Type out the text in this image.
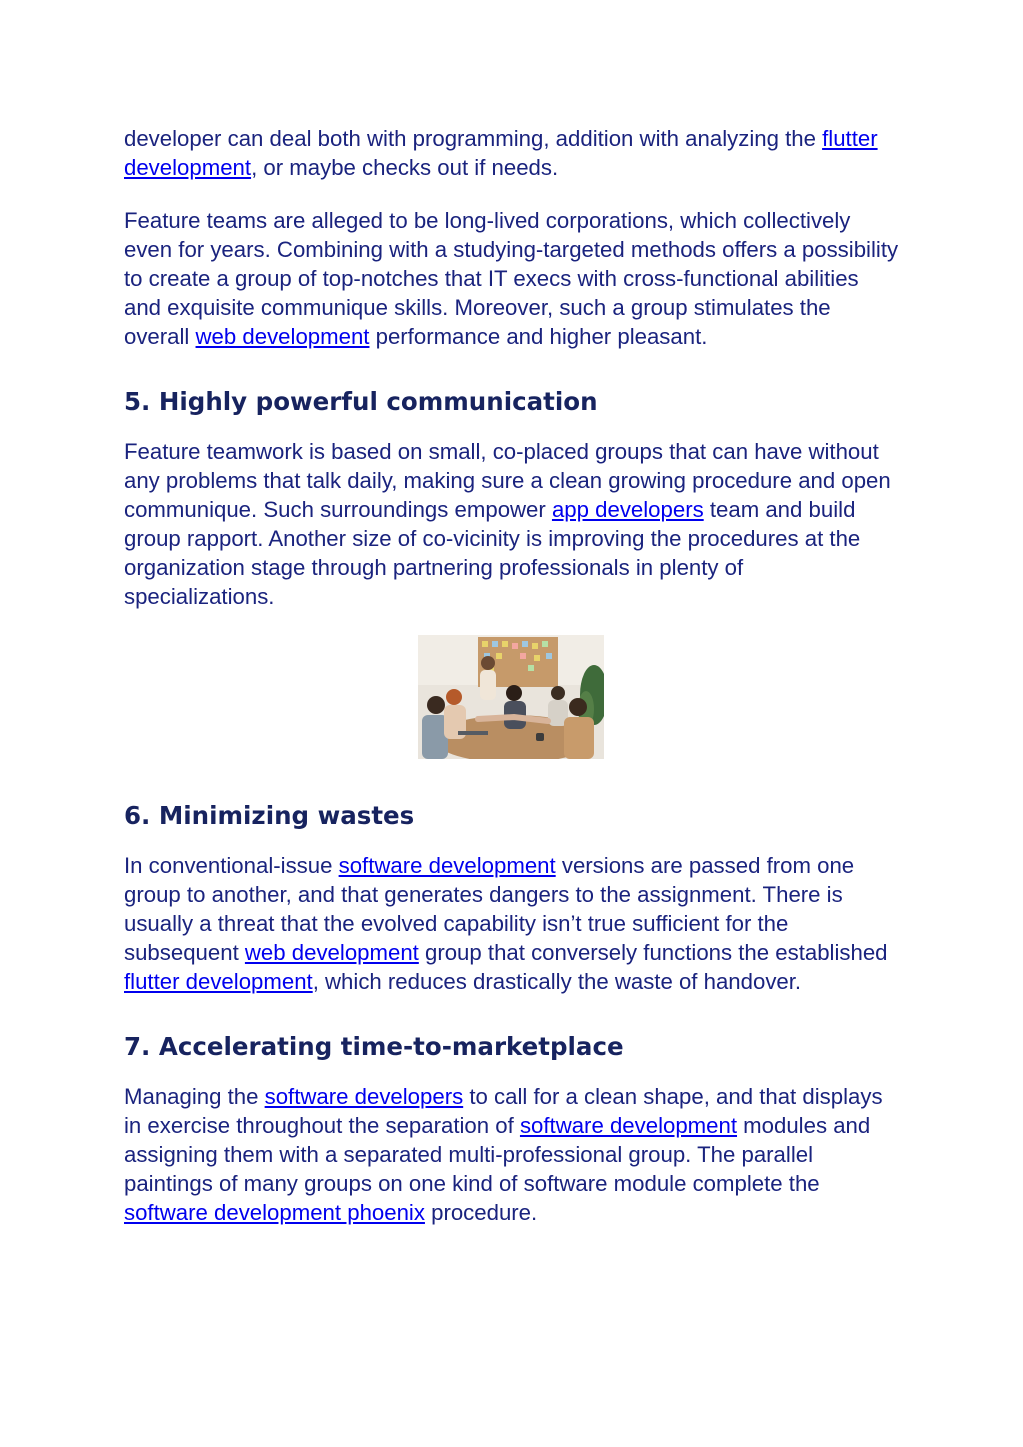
developer can deal both with programming, addition with analyzing the flutter development, or maybe checks out if needs.

Feature teams are alleged to be long-lived corporations, which collectively even for years. Combining with a studying-targeted methods offers a possibility to create a group of top-notches that IT execs with cross-functional abilities and exquisite communique skills. Moreover, such a group stimulates the overall web development performance and higher pleasant.

5. Highly powerful communication

Feature teamwork is based on small, co-placed groups that can have without any problems that talk daily, making sure a clean growing procedure and open communique. Such surroundings empower app developers team and build group rapport. Another size of co-vicinity is improving the procedures at the organization stage through partnering professionals in plenty of specializations.

6. Minimizing wastes

In conventional-issue software development versions are passed from one group to another, and that generates dangers to the assignment. There is usually a threat that the evolved capability isn’t true sufficient for the subsequent web development group that conversely functions the established flutter development, which reduces drastically the waste of handover.

7. Accelerating time-to-marketplace

Managing the software developers to call for a clean shape, and that displays in exercise throughout the separation of software development modules and assigning them with a separated multi-professional group. The parallel paintings of many groups on one kind of software module complete the software development phoenix procedure.
